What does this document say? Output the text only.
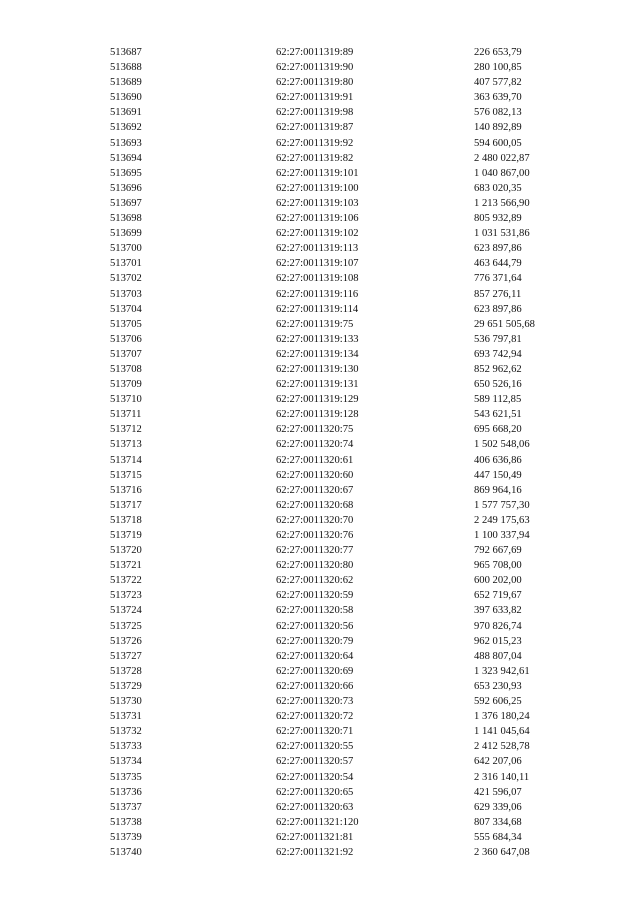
513687	62:27:0011319:89	226 653,79
513688	62:27:0011319:90	280 100,85
513689	62:27:0011319:80	407 577,82
513690	62:27:0011319:91	363 639,70
513691	62:27:0011319:98	576 082,13
513692	62:27:0011319:87	140 892,89
513693	62:27:0011319:92	594 600,05
513694	62:27:0011319:82	2 480 022,87
513695	62:27:0011319:101	1 040 867,00
513696	62:27:0011319:100	683 020,35
513697	62:27:0011319:103	1 213 566,90
513698	62:27:0011319:106	805 932,89
513699	62:27:0011319:102	1 031 531,86
513700	62:27:0011319:113	623 897,86
513701	62:27:0011319:107	463 644,79
513702	62:27:0011319:108	776 371,64
513703	62:27:0011319:116	857 276,11
513704	62:27:0011319:114	623 897,86
513705	62:27:0011319:75	29 651 505,68
513706	62:27:0011319:133	536 797,81
513707	62:27:0011319:134	693 742,94
513708	62:27:0011319:130	852 962,62
513709	62:27:0011319:131	650 526,16
513710	62:27:0011319:129	589 112,85
513711	62:27:0011319:128	543 621,51
513712	62:27:0011320:75	695 668,20
513713	62:27:0011320:74	1 502 548,06
513714	62:27:0011320:61	406 636,86
513715	62:27:0011320:60	447 150,49
513716	62:27:0011320:67	869 964,16
513717	62:27:0011320:68	1 577 757,30
513718	62:27:0011320:70	2 249 175,63
513719	62:27:0011320:76	1 100 337,94
513720	62:27:0011320:77	792 667,69
513721	62:27:0011320:80	965 708,00
513722	62:27:0011320:62	600 202,00
513723	62:27:0011320:59	652 719,67
513724	62:27:0011320:58	397 633,82
513725	62:27:0011320:56	970 826,74
513726	62:27:0011320:79	962 015,23
513727	62:27:0011320:64	488 807,04
513728	62:27:0011320:69	1 323 942,61
513729	62:27:0011320:66	653 230,93
513730	62:27:0011320:73	592 606,25
513731	62:27:0011320:72	1 376 180,24
513732	62:27:0011320:71	1 141 045,64
513733	62:27:0011320:55	2 412 528,78
513734	62:27:0011320:57	642 207,06
513735	62:27:0011320:54	2 316 140,11
513736	62:27:0011320:65	421 596,07
513737	62:27:0011320:63	629 339,06
513738	62:27:0011321:120	807 334,68
513739	62:27:0011321:81	555 684,34
513740	62:27:0011321:92	2 360 647,08
